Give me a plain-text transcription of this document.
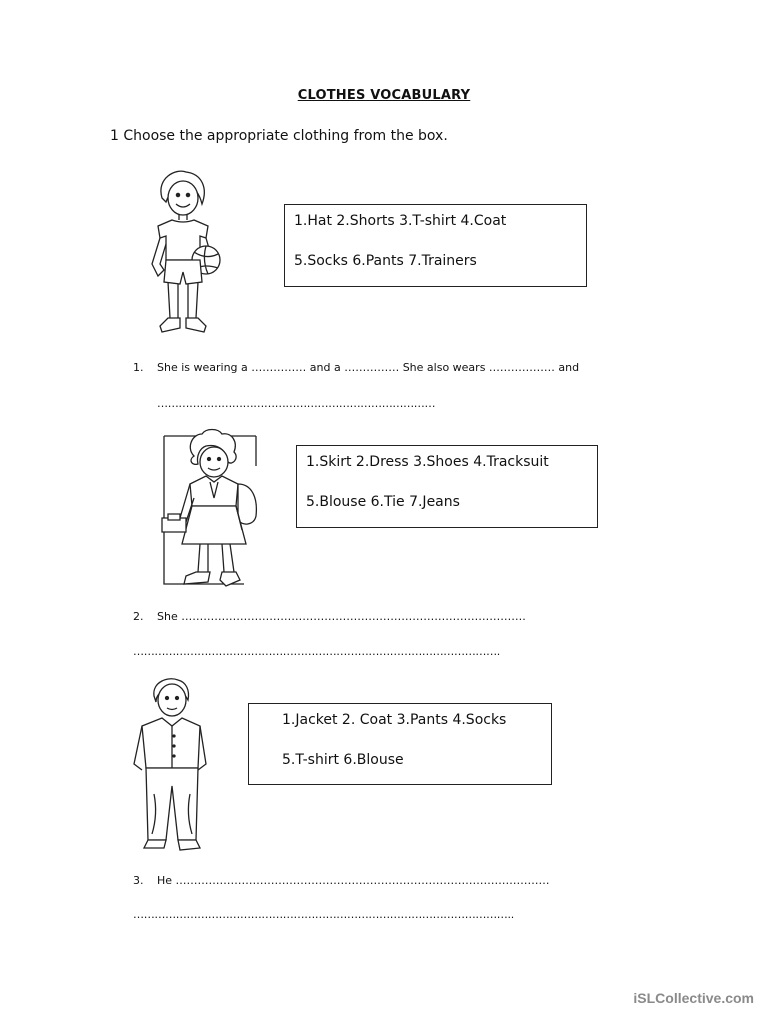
CLOTHES VOCABULARY
1 Choose the appropriate clothing from the box.
1.Hat 2.Shorts 3.T-shirt 4.Coat
5.Socks 6.Pants 7.Trainers
1. She is wearing a …………… and a …………… She also wears ……………… and
……………………………………………………………………
1.Skirt 2.Dress 3.Shoes 4.Tracksuit
5.Blouse 6.Tie 7.Jeans
2. She ………………………………………………………………………………….
………………………………………………………………………………………….
1.Jacket 2. Coat 3.Pants 4.Socks
5.T-shirt 6.Blouse
3. He …………………………………………………………………………………………
……………………………………………………………………………………………..
iSLCollective.com
